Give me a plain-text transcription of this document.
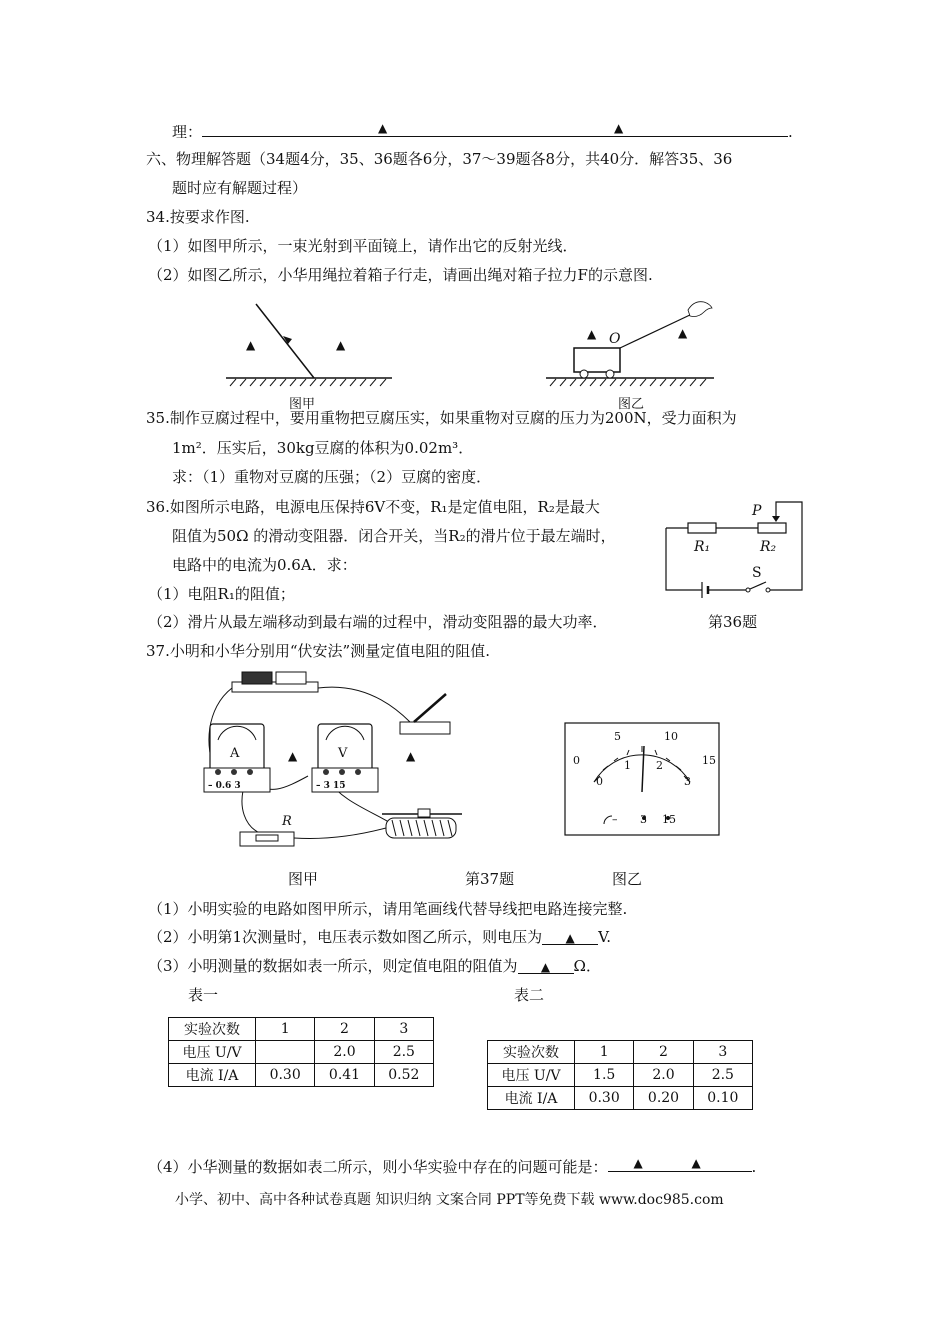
理：	▲	▲	.
六、物理解答题（34题4分，35、36题各6分，37～39题各8分，共40分．解答35、36
题时应有解题过程）
34.按要求作图.
（1）如图甲所示，一束光射到平面镜上，请作出它的反射光线．
（2）如图乙所示，小华用绳拉着箱子行走，请画出绳对箱子拉力F的示意图.
▲	▲
图甲
▲ O	▲
图乙
35.制作豆腐过程中，要用重物把豆腐压实，如果重物对豆腐的压力为200N，受力面积为
1m²．压实后，30kg豆腐的体积为0.02m³．
求：（1）重物对豆腐的压强；（2）豆腐的密度．
36.如图所示电路，电源电压保持6V不变，R₁是定值电阻，R₂是最大
阻值为50Ω 的滑动变阻器．闭合开关，当R₂的滑片位于最左端时，
电路中的电流为0.6A．求：
（1）电阻R₁的阻值；
（2）滑片从最左端移动到最右端的过程中，滑动变阻器的最大功率．	第36题
P
R₁	R₂
S
37.小明和小华分别用“伏安法”测量定值电阻的阻值.
A
– 0.6 3
V
– 3 15
R
▲	▲	0
5	10
15
0
1 2
3
– 3 15
图甲	第37题	图乙
（1）小明实验的电路如图甲所示，请用笔画线代替导线把电路连接完整.
（2）小明第1次测量时，电压表示数如图乙所示，则电压为 ▲ V.
（3）小明测量的数据如表一所示，则定值电阻的阻值为 ▲ Ω．
表一	表二
实验次数	1	2	3
电压 U/V		2.0	2.5
电流 I/A	0.30	0.41	0.52
实验次数	1	2	3
电压 U/V	1.5	2.0	2.5
电流 I/A	0.30	0.20	0.10
（4）小华测量的数据如表二所示，则小华实验中存在的问题可能是： ▲	▲	.
小学、初中、高中各种试卷真题 知识归纳 文案合同 PPT等免费下载 www.doc985.com
